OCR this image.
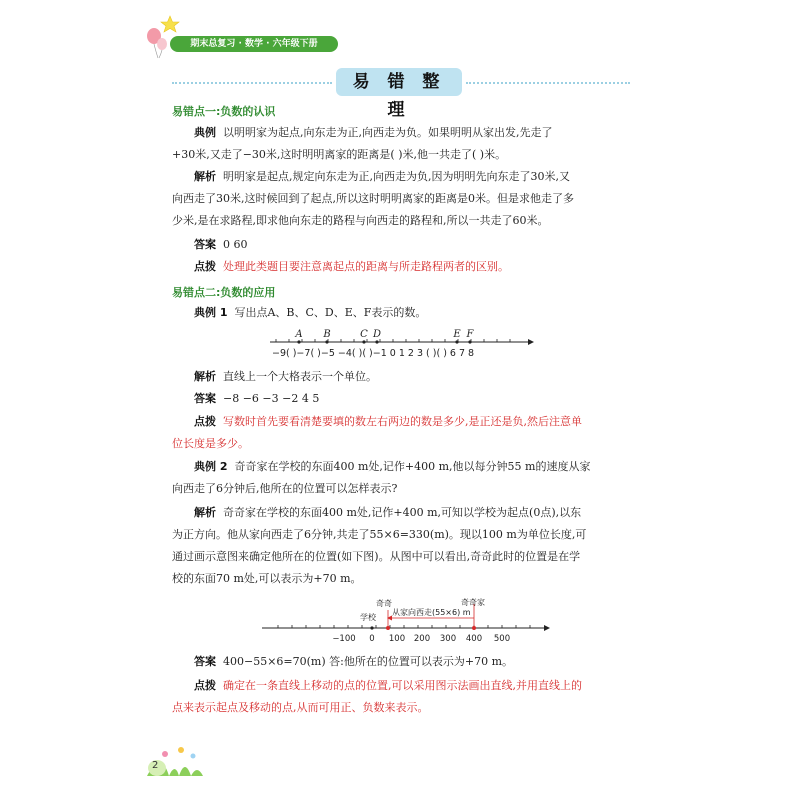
期末总复习 · 数学 · 六年级下册
易 错 整 理
易错点一:负数的认识
典例 以明明家为起点,向东走为正,向西走为负。如果明明从家出发,先走了
+30米,又走了−30米,这时明明离家的距离是( )米,他一共走了( )米。
解析 明明家是起点,规定向东走为正,向西走为负,因为明明先向东走了30米,又
向西走了30米,这时候回到了起点,所以这时明明离家的距离是0米。但是求他走了多
少米,是在求路程,即求他向东走的路程与向西走的路程和,所以一共走了60米。
答案 0 60
点拨 处理此类题目要注意离起点的距离与所走路程两者的区别。
易错点二:负数的应用
典例 1 写出点A、B、C、D、E、F表示的数。
A B	C D	E F
−9( )−7( )−5 −4( )( )−1 0 1 2 3 ( )( ) 6 7 8
解析 直线上一个大格表示一个单位。
答案 −8 −6 −3 −2 4 5
点拨 写数时首先要看清楚要填的数左右两边的数是多少,是正还是负,然后注意单
位长度是多少。
典例 2 奇奇家在学校的东面400 m处,记作+400 m,他以每分钟55 m的速度从家
向西走了6分钟后,他所在的位置可以怎样表示?
解析 奇奇家在学校的东面400 m处,记作+400 m,可知以学校为起点(0点),以东
为正方向。他从家向西走了6分钟,共走了55×6=330(m)。现以100 m为单位长度,可
通过画示意图来确定他所在的位置(如下图)。从图中可以看出,奇奇此时的位置是在学
校的东面70 m处,可以表示为+70 m。
奇奇	奇奇家
学校
从家向西走(55×6) m
−100 0 100 200 300 400 500
答案 400−55×6=70(m) 答:他所在的位置可以表示为+70 m。
点拨 确定在一条直线上移动的点的位置,可以采用图示法画出直线,并用直线上的
点来表示起点及移动的点,从而可用正、负数来表示。
2
